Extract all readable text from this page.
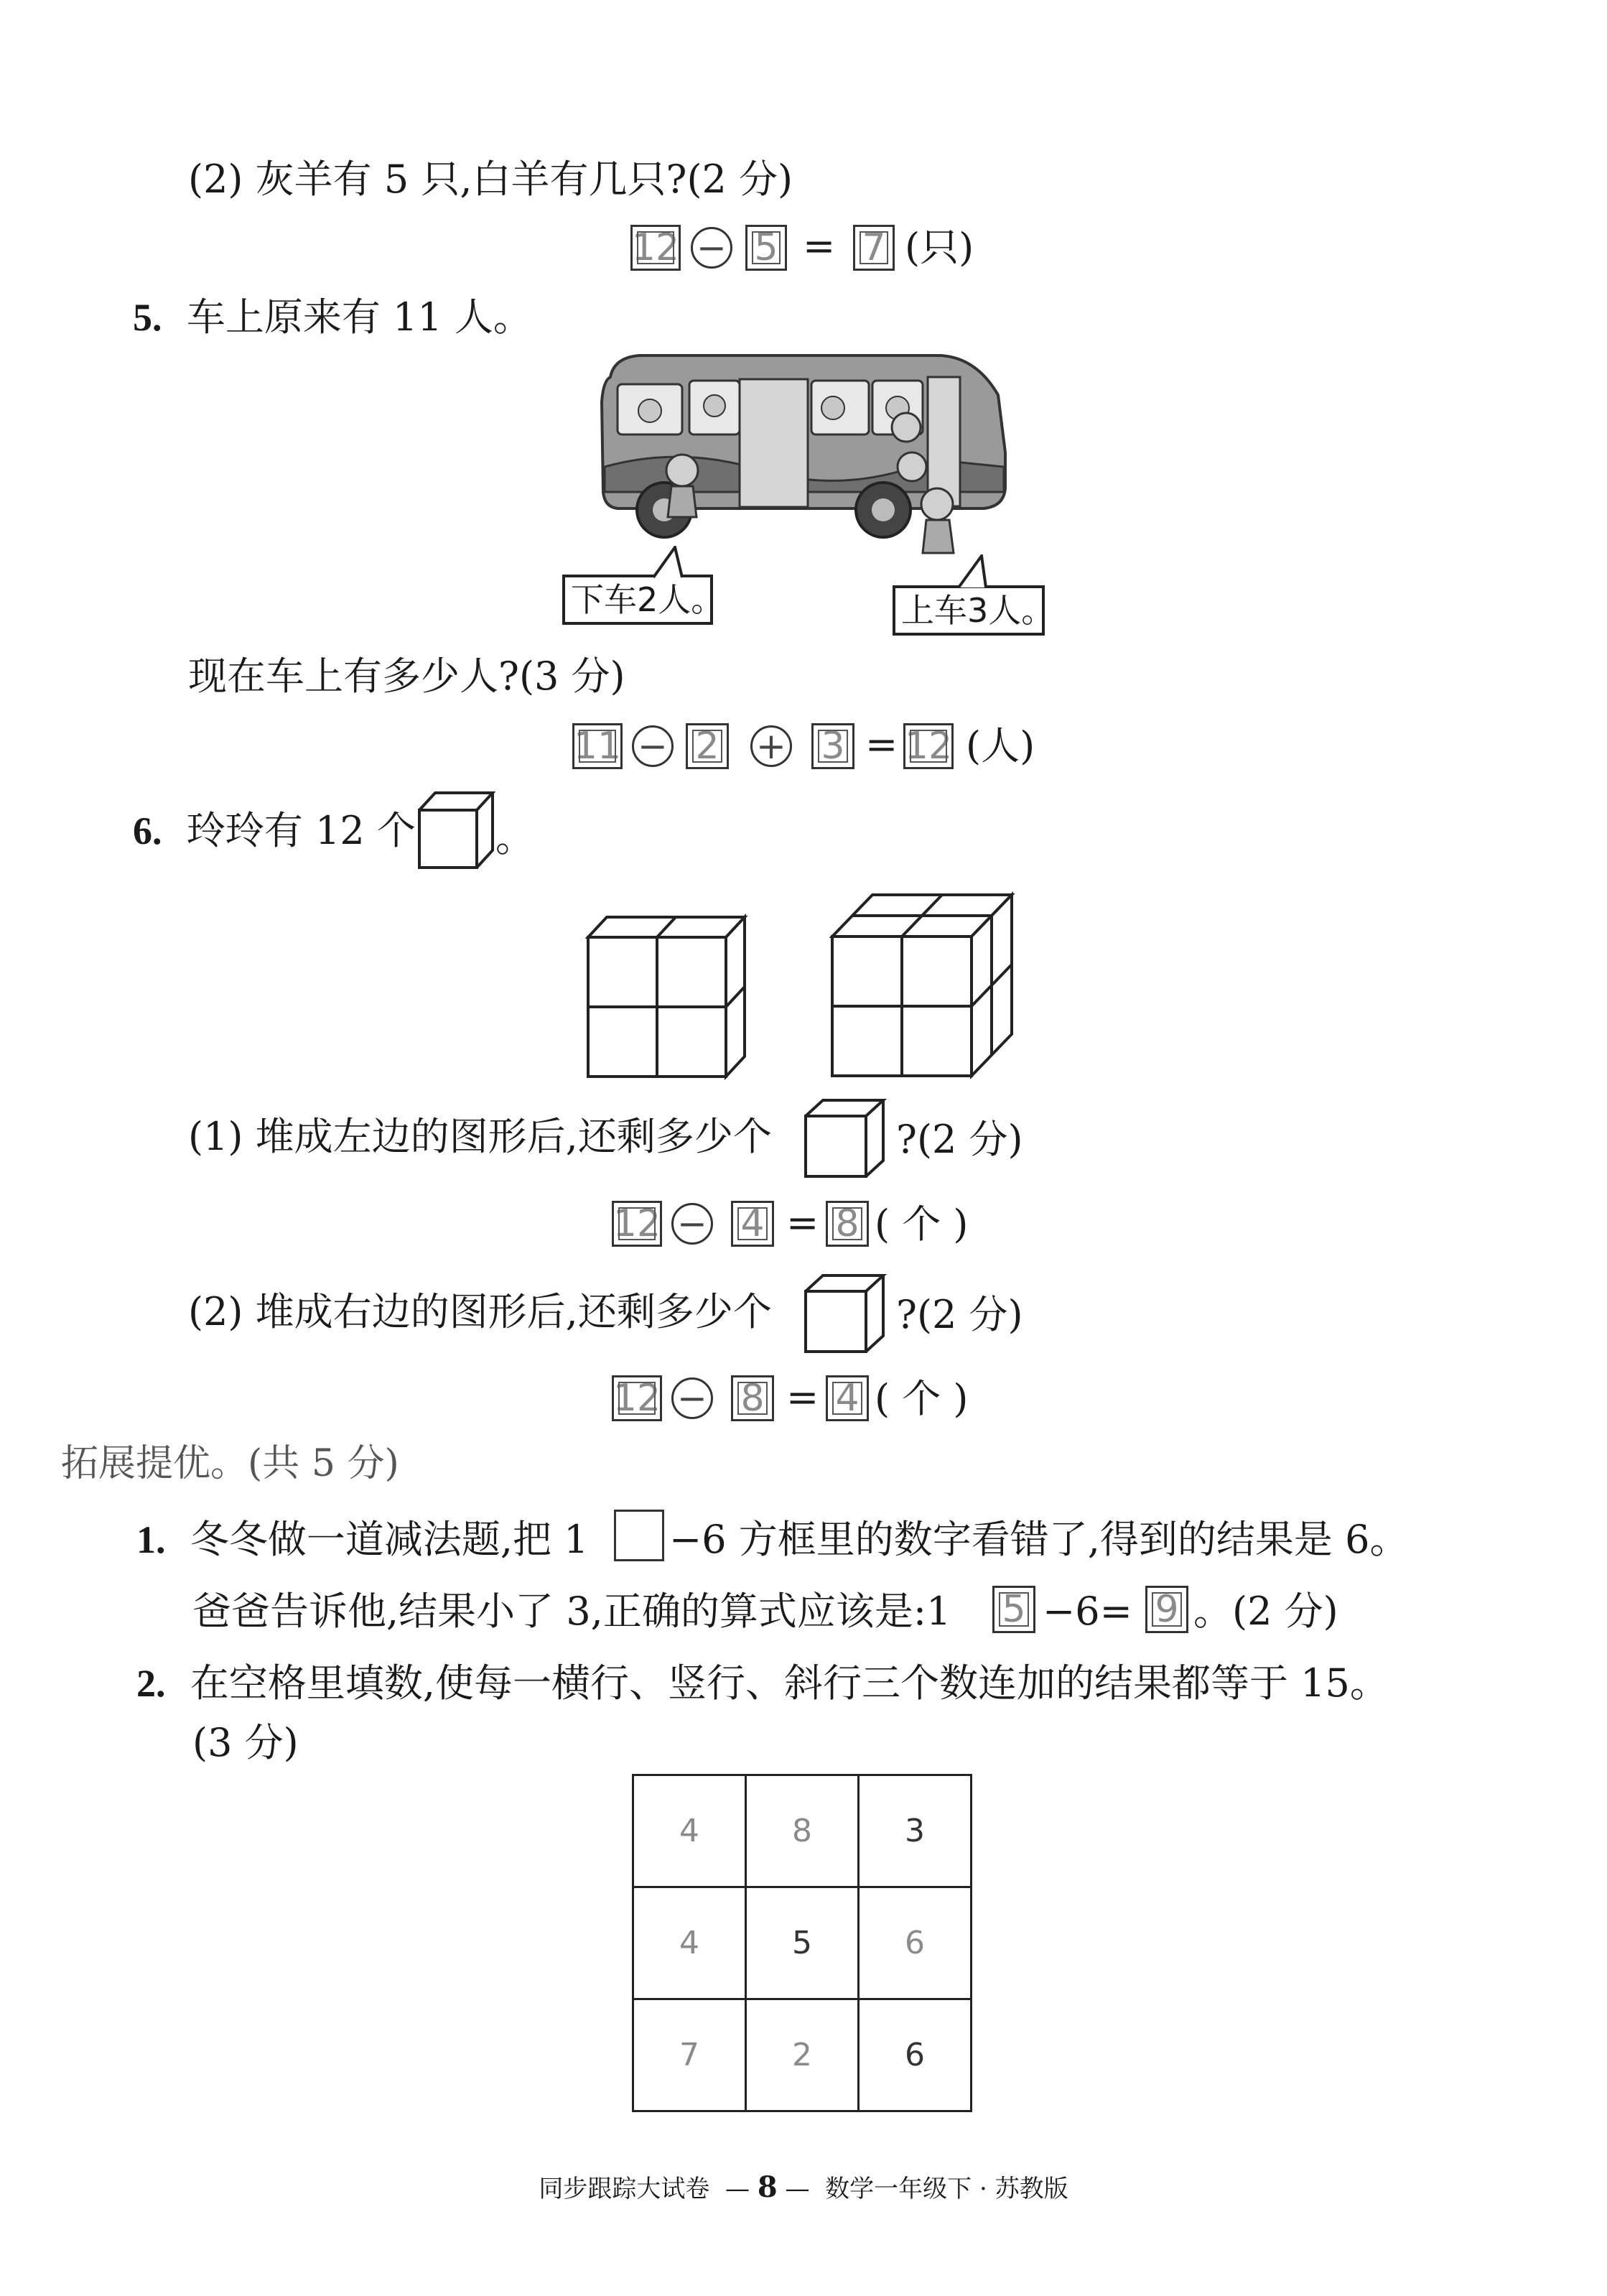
(2) 灰羊有 5 只,白羊有几只?(2 分)
12 − 5 = 7 (只)
5. 车上原来有 11 人。
下车2人。	上车3人。
现在车上有多少人?(3 分)
11 − 2 + 3 = 12 (人)
6. 玲玲有 12 个 。
(1) 堆成左边的图形后,还剩多少个	?(2 分)
12 − 4 = 8 ( 个 )
(2) 堆成右边的图形后,还剩多少个	?(2 分)
12 − 8 = 4 ( 个 )
拓展提优。(共 5 分)
1. 冬冬做一道减法题,把 1 −6 方框里的数字看错了,得到的结果是 6。
爸爸告诉他,结果小了 3,正确的算式应该是:1 5 −6= 9 。(2 分)
2. 在空格里填数,使每一横行、竖行、斜行三个数连加的结果都等于 15。
(3 分)
4	8	3
4	5	6
7	2	6
同步跟踪大试卷  — 8 —  数学一年级下 · 苏教版
